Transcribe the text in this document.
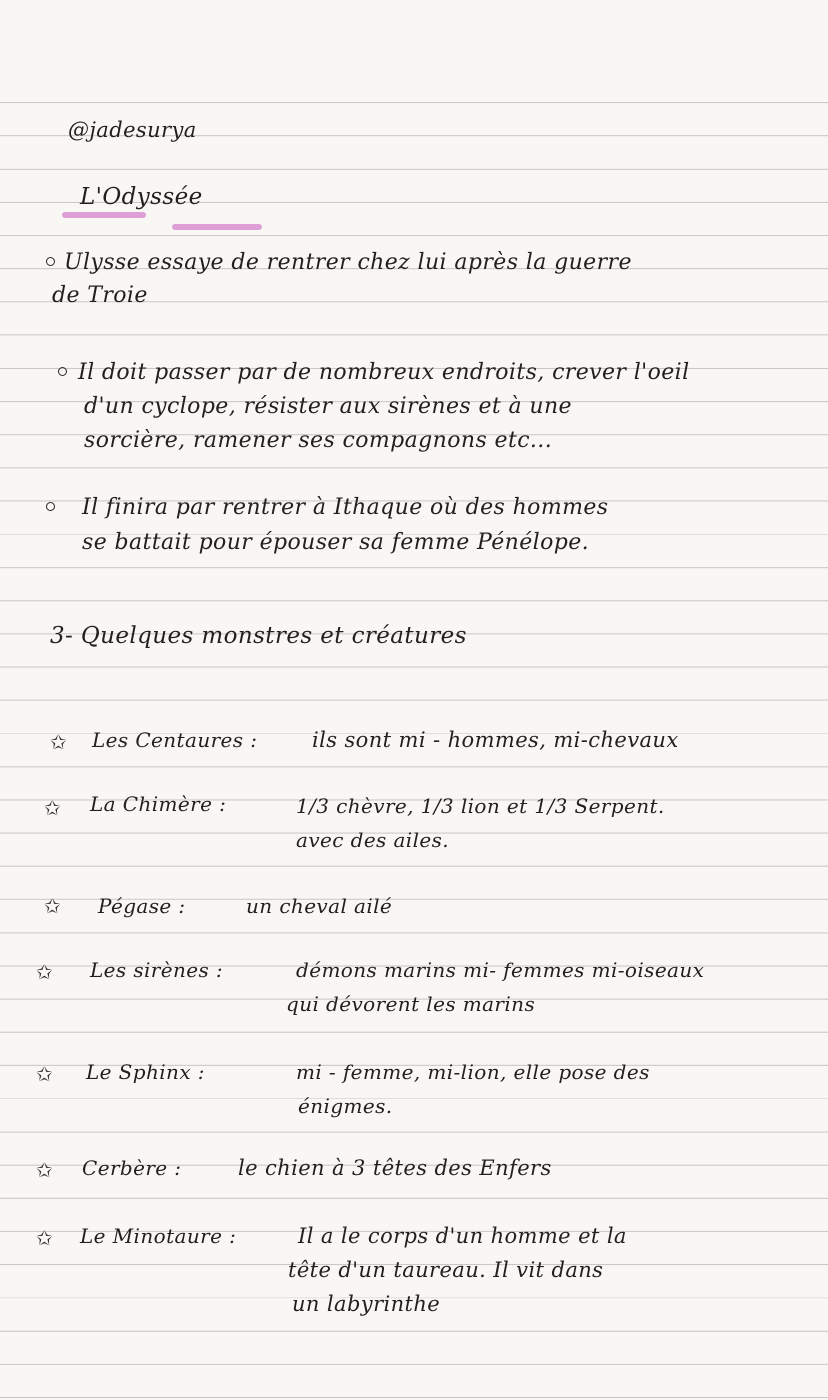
@jadesurya
L'Odyssée
Ulysse essaye de rentrer chez lui après la guerre
de Troie
Il doit passer par de nombreux endroits, crever l'oeil
d'un cyclope, résister aux sirènes et à une
sorcière, ramener ses compagnons etc...
Il finira par rentrer à Ithaque où des hommes
se battait pour épouser sa femme Pénélope.
3- Quelques monstres et créatures
✩ Les Centaures :	ils sont mi - hommes, mi-chevaux
✩ La Chimère :	1/3 chèvre, 1/3 lion et 1/3 Serpent.
avec des ailes.
✩ Pégase :	un cheval ailé
✩ Les sirènes :	démons marins mi- femmes mi-oiseaux
qui dévorent les marins
✩ Le Sphinx :	mi - femme, mi-lion, elle pose des
énigmes.
✩ Cerbère :	le chien à 3 têtes des Enfers
✩ Le Minotaure :	Il a le corps d'un homme et la
tête d'un taureau. Il vit dans
un labyrinthe
